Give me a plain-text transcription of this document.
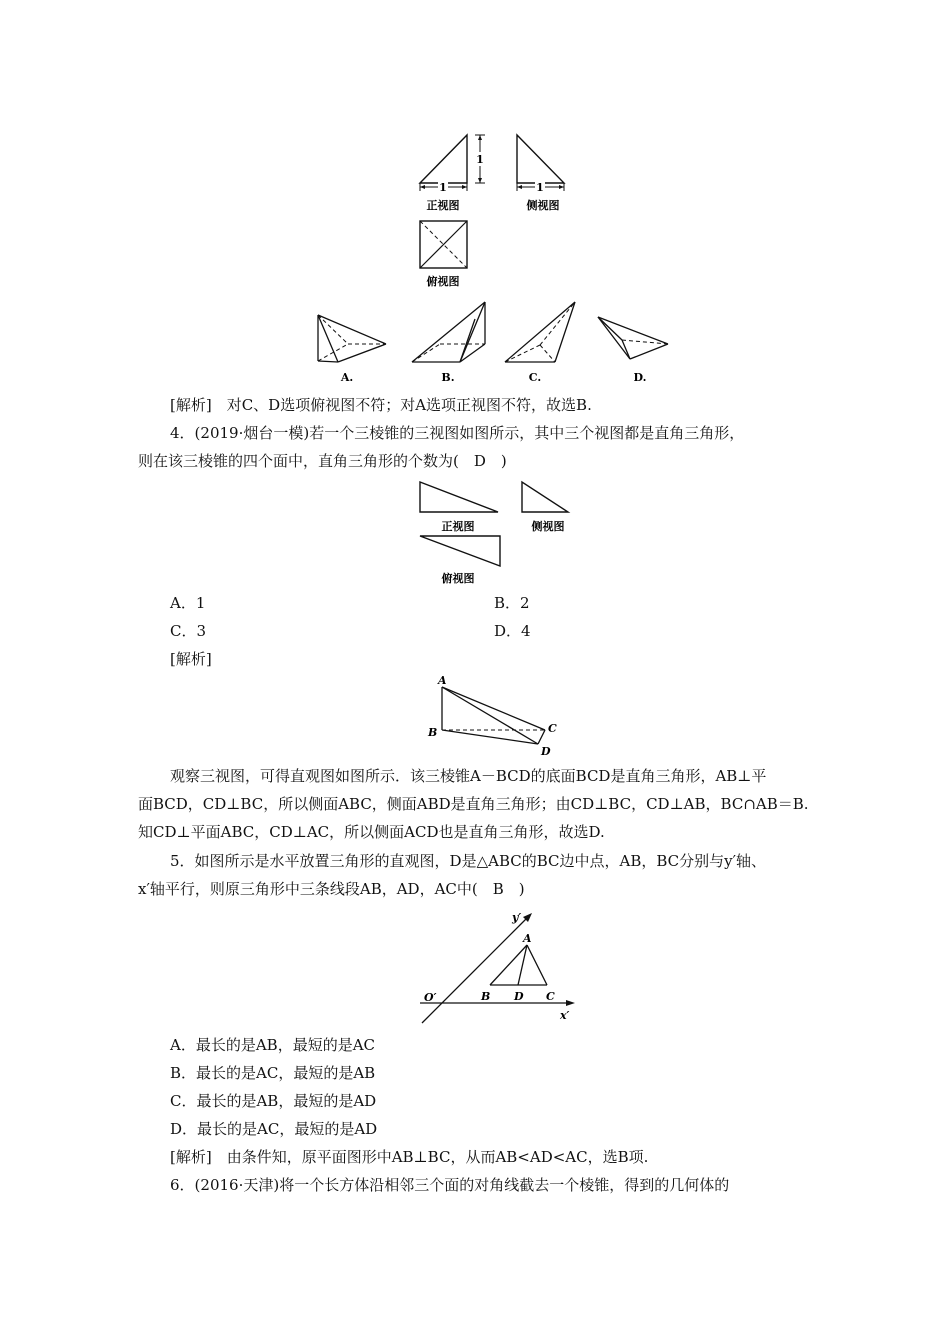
1
1
正视图
1
侧视图
俯视图
A.	B.	C.	D.
[解析]　对C、D选项俯视图不符；对A选项正视图不符，故选B.
4．(2019·烟台一模)若一个三棱锥的三视图如图所示，其中三个视图都是直角三角形，
则在该三棱锥的四个面中，直角三角形的个数为(　D　)
正视图	侧视图
俯视图
A．1	B．2
C．3	D．4
[解析]
A
B	C
D
观察三视图，可得直观图如图所示．该三棱锥A－BCD的底面BCD是直角三角形，AB⊥平
面BCD，CD⊥BC，所以侧面ABC，侧面ABD是直角三角形；由CD⊥BC，CD⊥AB，BC∩AB＝B.
知CD⊥平面ABC，CD⊥AC，所以侧面ACD也是直角三角形，故选D.
5．如图所示是水平放置三角形的直观图，D是△ABC的BC边中点，AB，BC分别与y′轴、
x′轴平行，则原三角形中三条线段AB，AD，AC中(　B　)
y′
x′
O′
A
B D C
A．最长的是AB，最短的是AC
B．最长的是AC，最短的是AB
C．最长的是AB，最短的是AD
D．最长的是AC，最短的是AD
[解析]　由条件知，原平面图形中AB⊥BC，从而AB<AD<AC，选B项.
6．(2016·天津)将一个长方体沿相邻三个面的对角线截去一个棱锥，得到的几何体的
